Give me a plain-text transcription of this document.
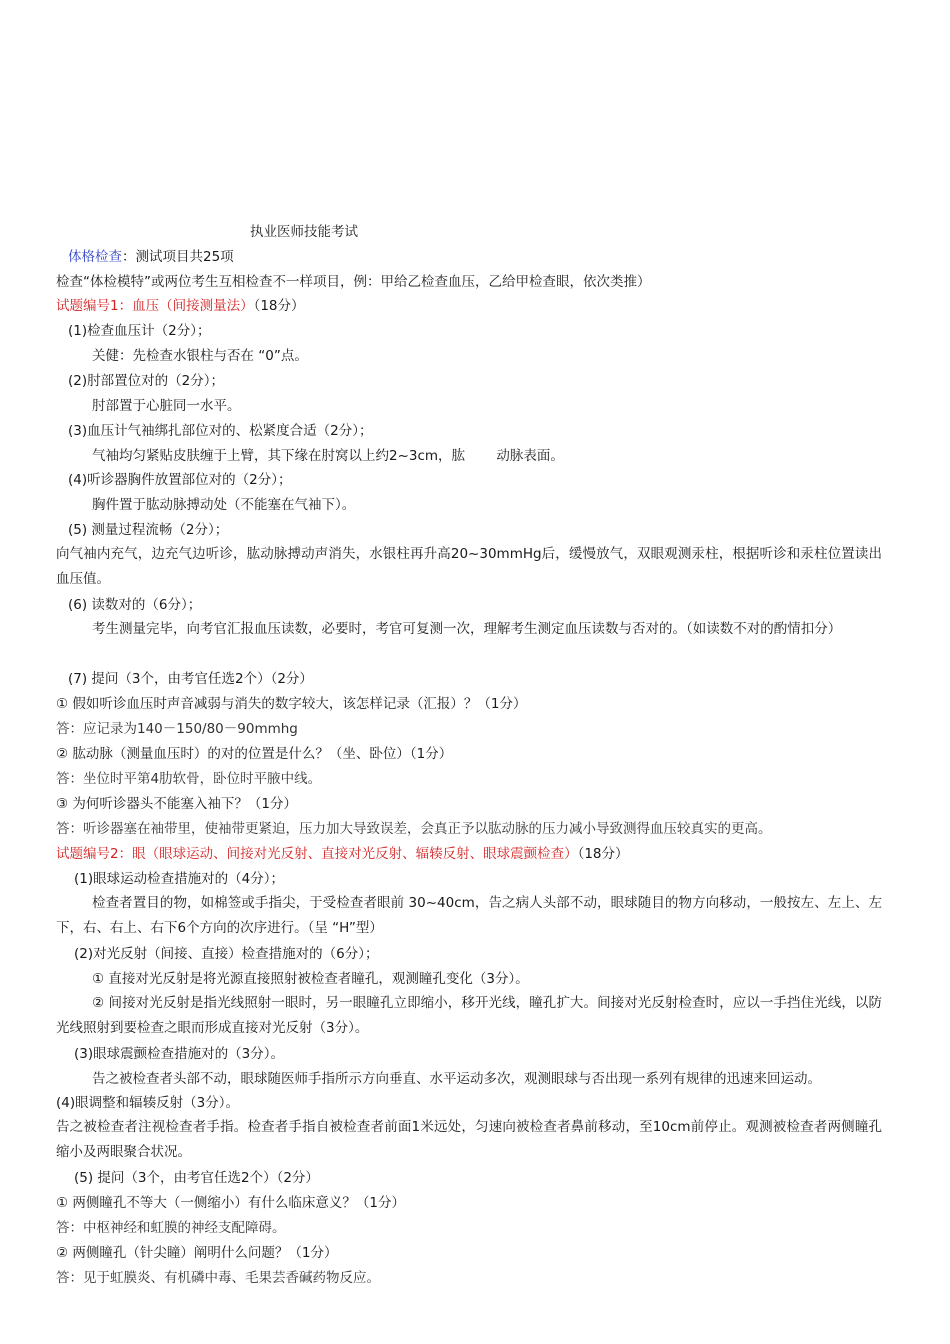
执业医师技能考试
体格检查：测试项目共25项
检查“体检模特”或两位考生互相检查不一样项目，例：甲给乙检查血压，乙给甲检查眼，依次类推）
试题编号1：血压（间接测量法）（18分）
(1)检查血压计（2分）；
关健：先检查水银柱与否在 “0”点。
(2)肘部置位对的（2分）；
肘部置于心脏同一水平。
(3)血压计气袖绑扎部位对的、松紧度合适（2分）；
气袖均匀紧贴皮肤缠于上臂，其下缘在肘窝以上约2~3cm，肱　　 动脉表面。
(4)听诊器胸件放置部位对的（2分）；
胸件置于肱动脉搏动处（不能塞在气袖下）。
(5) 测量过程流畅（2分）；
向气袖内充气，边充气边听诊，肱动脉搏动声消失，水银柱再升高20~30mmHg后，缓慢放气，双眼观测汞柱，根据听诊和汞柱位置读出血压值。
(6) 读数对的（6分）；
考生测量完毕，向考官汇报血压读数，必要时，考官可复测一次，理解考生测定血压读数与否对的。（如读数不对的酌情扣分）
(7) 提问（3个，由考官任选2个）（2分）
① 假如听诊血压时声音减弱与消失的数字较大，该怎样记录（汇报）？（1分）
答：应记录为140－150/80－90mmhg
② 肱动脉（测量血压时）的对的位置是什么？（坐、卧位）（1分）
答：坐位时平第4肋软骨，卧位时平腋中线。
③ 为何听诊器头不能塞入袖下？（1分）
答：听诊器塞在袖带里，使袖带更紧迫，压力加大导致误差，会真正予以肱动脉的压力减小导致测得血压较真实的更高。
试题编号2：眼（眼球运动、间接对光反射、直接对光反射、辐辏反射、眼球震颤检查）（18分）
(1)眼球运动检查措施对的（4分）；
检查者置目的物，如棉签或手指尖，于受检查者眼前 30~40cm，告之病人头部不动，眼球随目的物方向移动，一般按左、左上、左下，右、右上、右下6个方向的次序进行。（呈 “H”型）
(2)对光反射（间接、直接）检查措施对的（6分）；
① 直接对光反射是将光源直接照射被检查者瞳孔，观测瞳孔变化（3分）。
② 间接对光反射是指光线照射一眼时，另一眼瞳孔立即缩小，移开光线，瞳孔扩大。间接对光反射检查时，应以一手挡住光线，以防光线照射到要检查之眼而形成直接对光反射（3分）。
(3)眼球震颤检查措施对的（3分）。
告之被检查者头部不动，眼球随医师手指所示方向垂直、水平运动多次，观测眼球与否出现一系列有规律的迅速来回运动。
(4)眼调整和辐辏反射（3分）。
告之被检查者注视检查者手指。检查者手指自被检查者前面1米远处，匀速向被检查者鼻前移动，至10cm前停止。观测被检查者两侧瞳孔缩小及两眼聚合状况。
(5) 提问（3个，由考官任选2个）（2分）
① 两侧瞳孔不等大（一侧缩小）有什么临床意义？（1分）
答：中枢神经和虹膜的神经支配障碍。
② 两侧瞳孔（针尖瞳）阐明什么问题？（1分）
答：见于虹膜炎、有机磷中毒、毛果芸香碱药物反应。
